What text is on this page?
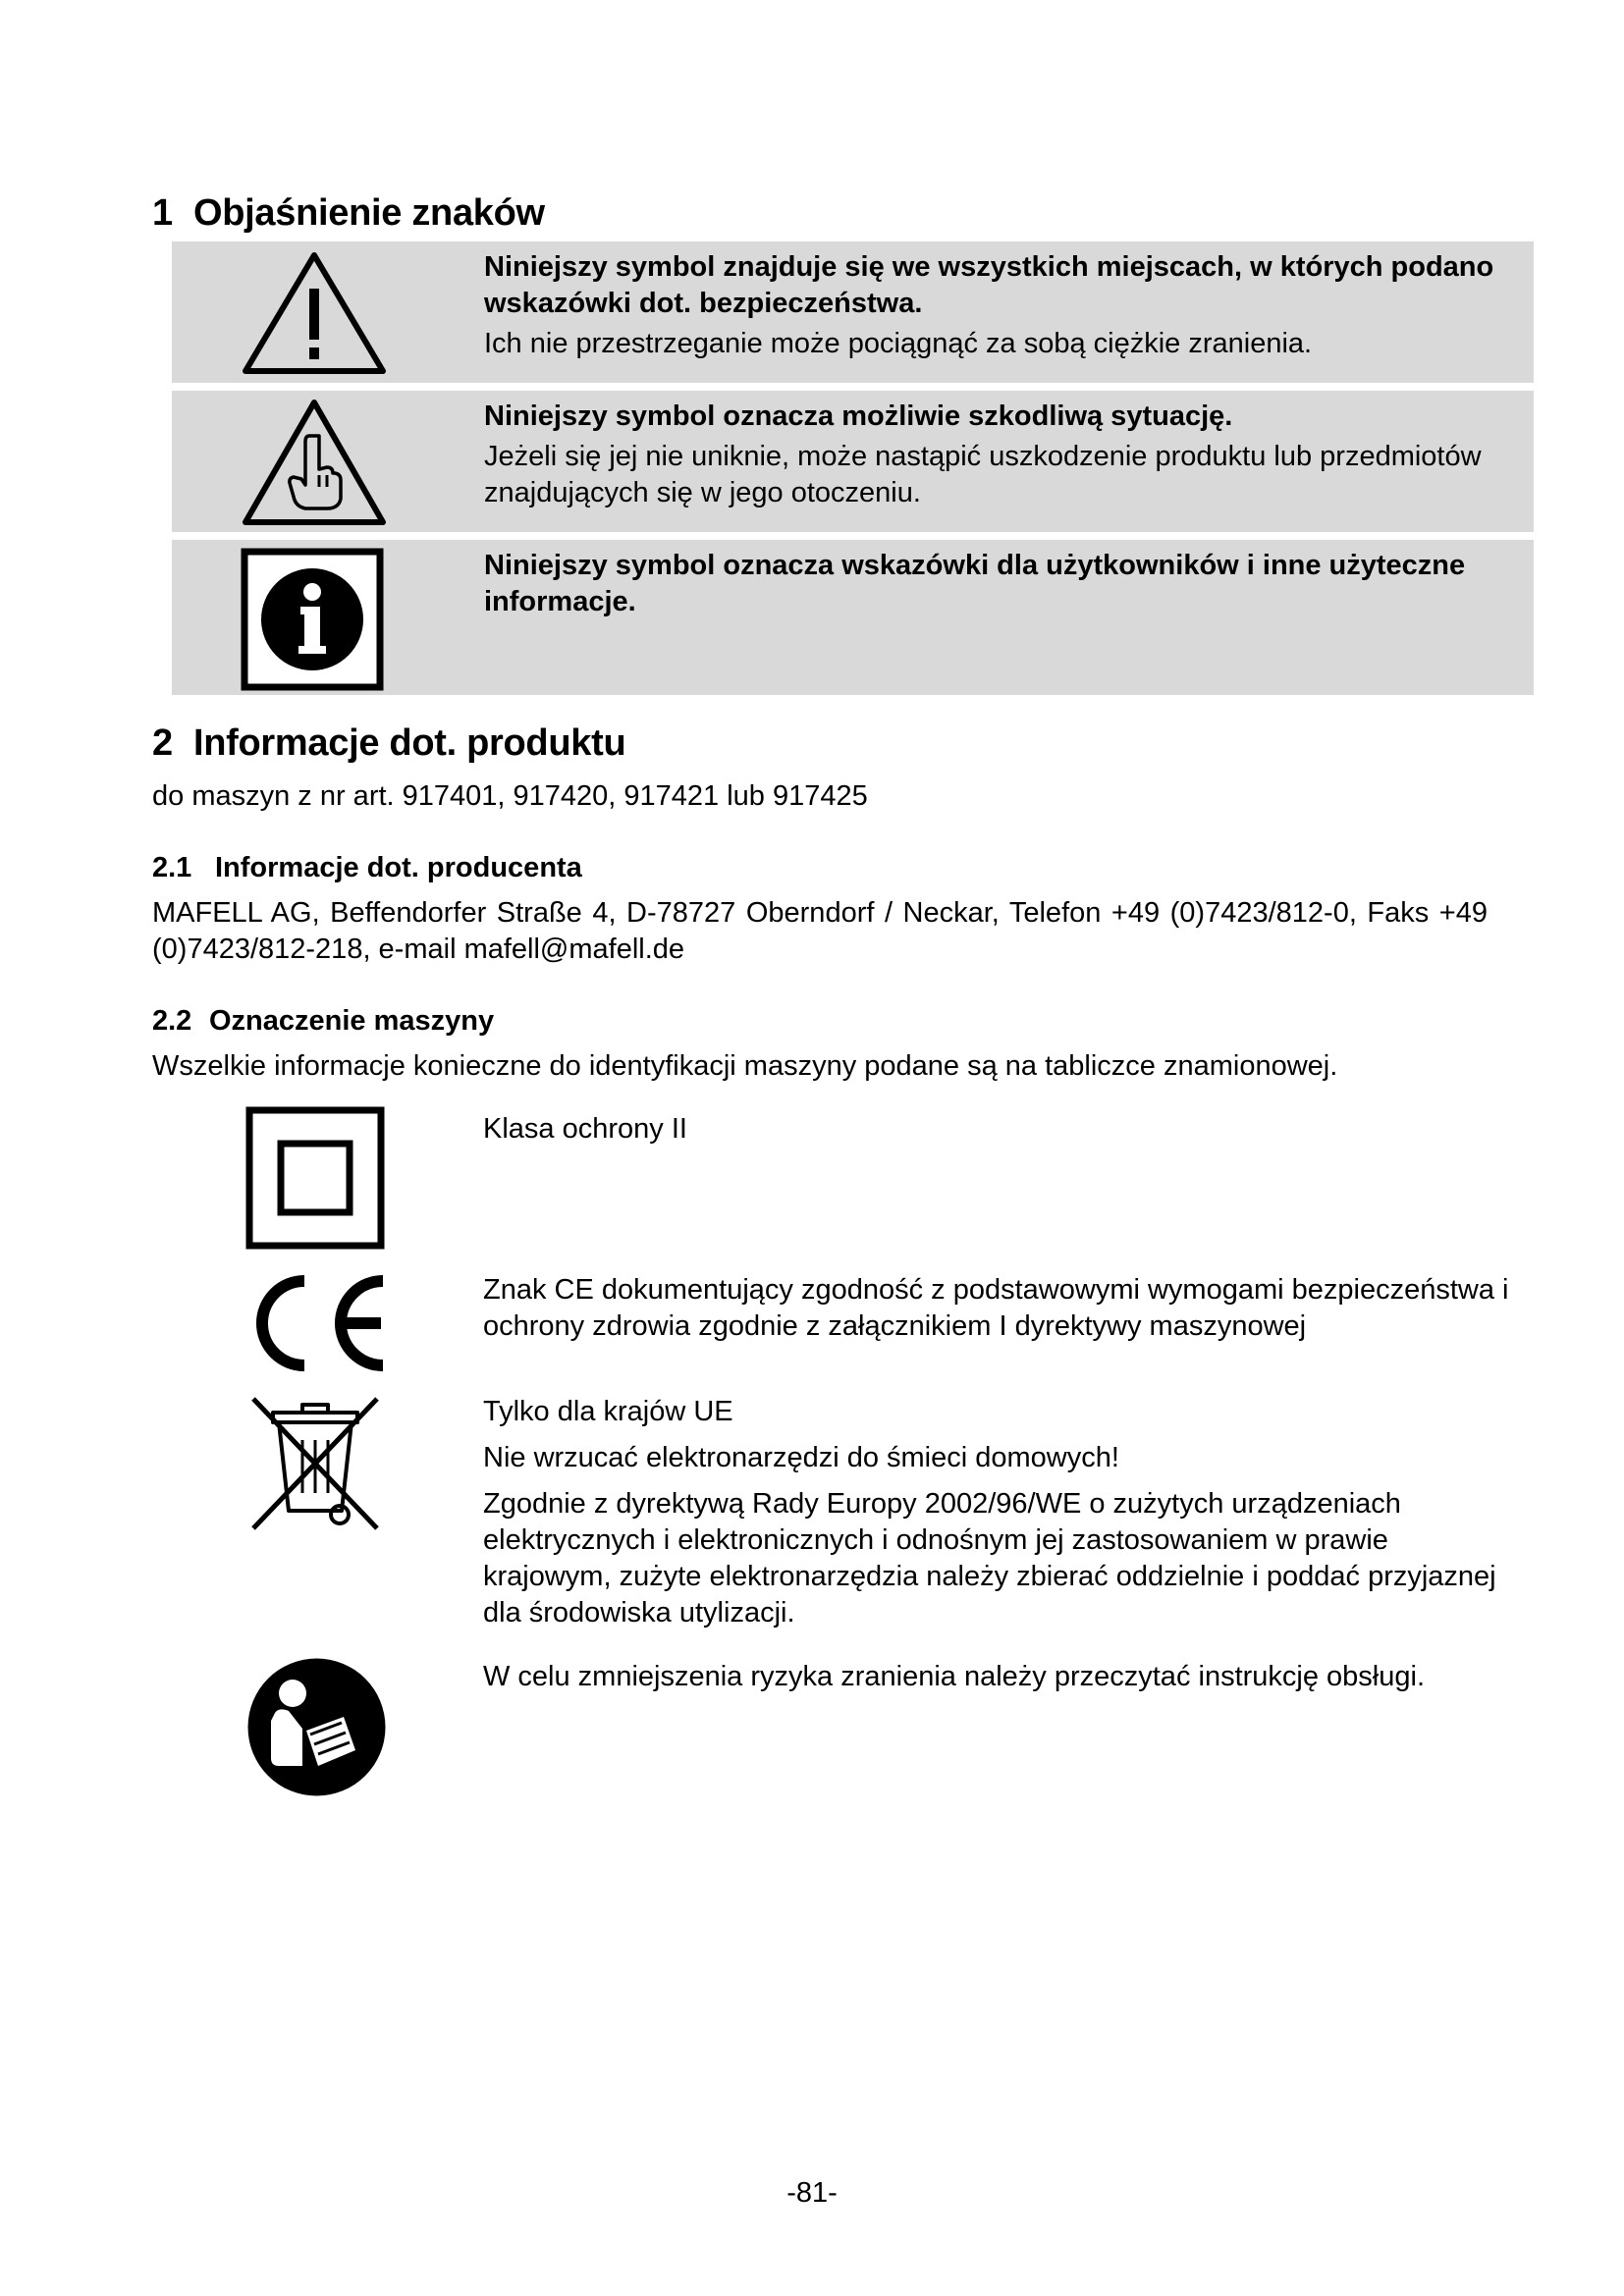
1 Objaśnienie znaków

Niniejszy symbol znajduje się we wszystkich miejscach, w których podano wskazówki dot. bezpieczeństwa.

Ich nie przestrzeganie może pociągnąć za sobą ciężkie zranienia.

Niniejszy symbol oznacza możliwie szkodliwą sytuację.

Jeżeli się jej nie uniknie, może nastąpić uszkodzenie produktu lub przedmiotów znajdujących się w jego otoczeniu.

Niniejszy symbol oznacza wskazówki dla użytkowników i inne użyteczne informacje.

2 Informacje dot. produktu

do maszyn z nr art. 917401, 917420, 917421 lub 917425

2.1 Informacje dot. producenta

MAFELL AG, Beffendorfer Straße 4, D-78727 Oberndorf / Neckar, Telefon +49 (0)7423/812-0, Faks +49 (0)7423/812-218, e-mail mafell@mafell.de

2.2 Oznaczenie maszyny

Wszelkie informacje konieczne do identyfikacji maszyny podane są na tabliczce znamionowej.

Klasa ochrony II

Znak CE dokumentujący zgodność z podstawowymi wymogami bezpieczeństwa i ochrony zdrowia zgodnie z załącznikiem I dyrektywy maszynowej

Tylko dla krajów UE

Nie wrzucać elektronarzędzi do śmieci domowych!

Zgodnie z dyrektywą Rady Europy 2002/96/WE o zużytych urządzeniach elektrycznych i elektronicznych i odnośnym jej zastosowaniem w prawie krajowym, zużyte elektronarzędzia należy zbierać oddzielnie i poddać przyjaznej dla środowiska utylizacji.

W celu zmniejszenia ryzyka zranienia należy przeczytać instrukcję obsługi.

-81-
